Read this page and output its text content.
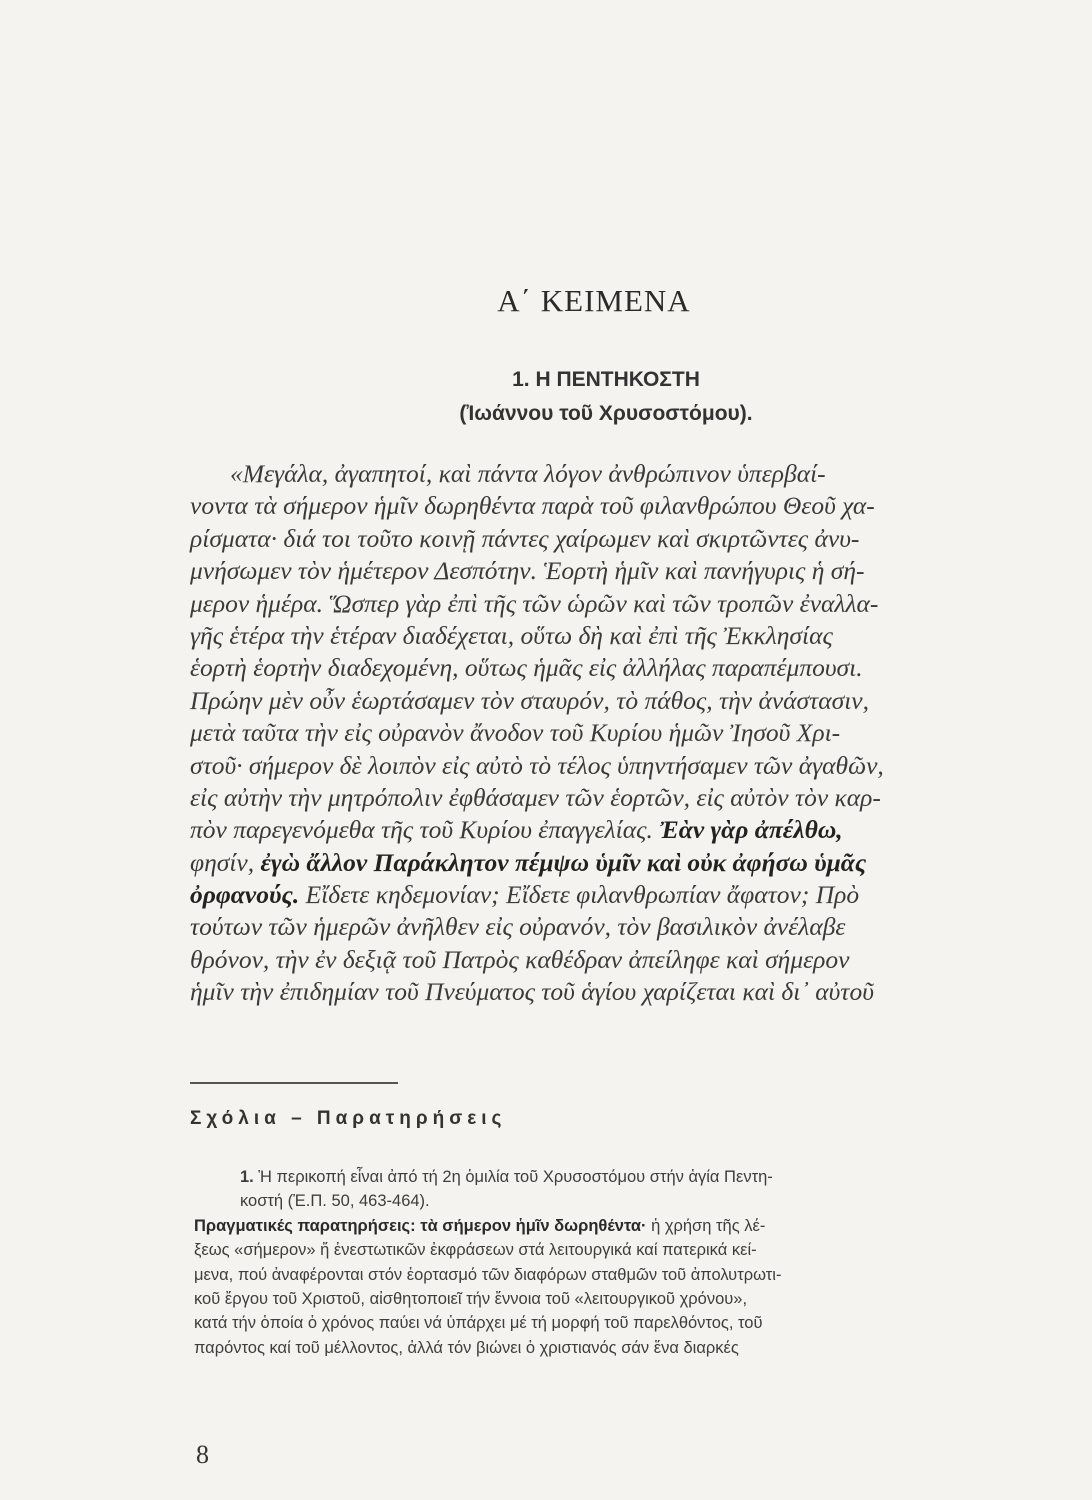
Α΄ ΚΕΙΜΕΝΑ
1. Η ΠΕΝΤΗΚΟΣΤΗ
(Ἰωάννου τοῦ Χρυσοστόμου).
«Μεγάλα, ἀγαπητοί, καὶ πάντα λόγον ἀνθρώπινον ὑπερβαί-
νοντα τὰ σήμερον ἡμῖν δωρηθέντα παρὰ τοῦ φιλανθρώπου Θεοῦ χα-
ρίσματα· διά τοι τοῦτο κοινῇ πάντες χαίρωμεν καὶ σκιρτῶντες ἀνυ-
μνήσωμεν τὸν ἡμέτερον Δεσπότην. Ἑορτὴ ἡμῖν καὶ πανήγυρις ἡ σή-
μερον ἡμέρα. Ὥσπερ γὰρ ἐπὶ τῆς τῶν ὡρῶν καὶ τῶν τροπῶν ἐναλλα-
γῆς ἑτέρα τὴν ἑτέραν διαδέχεται, οὕτω δὴ καὶ ἐπὶ τῆς Ἐκκλησίας
ἑορτὴ ἑορτὴν διαδεχομένη, οὕτως ἡμᾶς εἰς ἀλλήλας παραπέμπουσι.
Πρώην μὲν οὖν ἑωρτάσαμεν τὸν σταυρόν, τὸ πάθος, τὴν ἀνάστασιν,
μετὰ ταῦτα τὴν εἰς οὐρανὸν ἄνοδον τοῦ Κυρίου ἡμῶν Ἰησοῦ Χρι-
στοῦ· σήμερον δὲ λοιπὸν εἰς αὐτὸ τὸ τέλος ὑπηντήσαμεν τῶν ἀγαθῶν,
εἰς αὐτὴν τὴν μητρόπολιν ἐφθάσαμεν τῶν ἑορτῶν, εἰς αὐτὸν τὸν καρ-
πὸν παρεγενόμεθα τῆς τοῦ Κυρίου ἐπαγγελίας. Ἐὰν γὰρ ἀπέλθω,
φησίν, ἐγὼ ἄλλον Παράκλητον πέμψω ὑμῖν καὶ οὐκ ἀφήσω ὑμᾶς
ὀρφανούς. Εἴδετε κηδεμονίαν; Εἴδετε φιλανθρωπίαν ἄφατον; Πρὸ
τούτων τῶν ἡμερῶν ἀνῆλθεν εἰς οὐρανόν, τὸν βασιλικὸν ἀνέλαβε
θρόνον, τὴν ἐν δεξιᾷ τοῦ Πατρὸς καθέδραν ἀπείληφε καὶ σήμερον
ἡμῖν τὴν ἐπιδημίαν τοῦ Πνεύματος τοῦ ἁγίου χαρίζεται καὶ δι᾽ αὐτοῦ
Σχόλια – Παρατηρήσεις
1. Ἡ περικοπή εἶναι ἀπό τή 2η ὁμιλία τοῦ Χρυσοστόμου στήν ἁγία Πεντη-
κοστή (Ἐ.Π. 50, 463-464).
Πραγματικές παρατηρήσεις: τὰ σήμερον ἡμῖν δωρηθέντα· ἡ χρήση τῆς λέ-
ξεως «σήμερον» ἤ ἐνεστωτικῶν ἐκφράσεων στά λειτουργικά καί πατερικά κεί-
μενα, πού ἀναφέρονται στόν ἑορτασμό τῶν διαφόρων σταθμῶν τοῦ ἀπολυτρωτι-
κοῦ ἔργου τοῦ Χριστοῦ, αἰσθητοποιεῖ τήν ἔννοια τοῦ «λειτουργικοῦ χρόνου»,
κατά τήν ὁποία ὁ χρόνος παύει νά ὑπάρχει μέ τή μορφή τοῦ παρελθόντος, τοῦ
παρόντος καί τοῦ μέλλοντος, ἀλλά τόν βιώνει ὁ χριστιανός σάν ἕνα διαρκές
8
